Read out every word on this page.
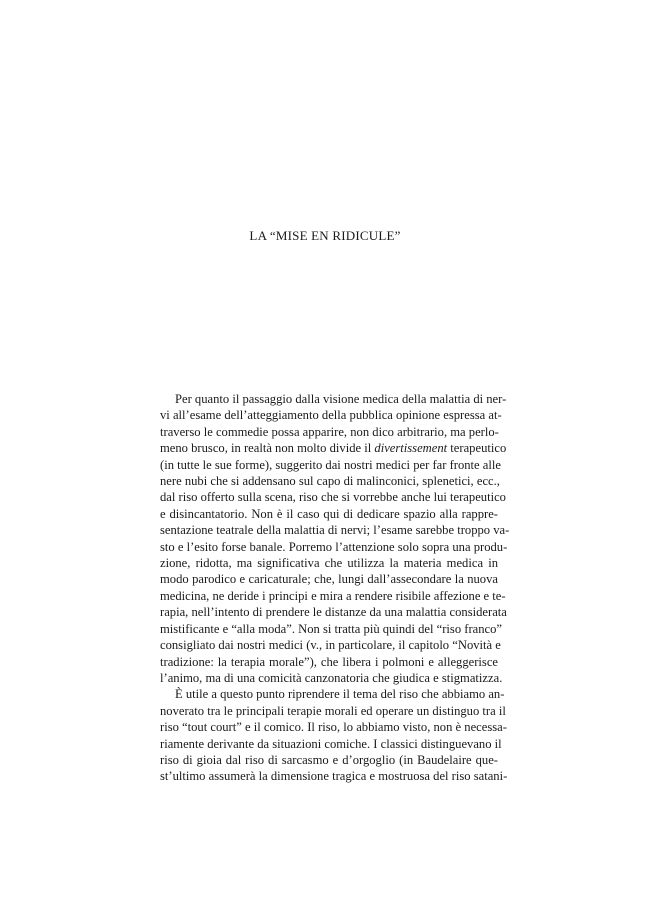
LA “MISE EN RIDICULE”
Per quanto il passaggio dalla visione medica della malattia di ner-
vi all’esame dell’atteggiamento della pubblica opinione espressa at-
traverso le commedie possa apparire, non dico arbitrario, ma perlo-
meno brusco, in realtà non molto divide il divertissement terapeutico
(in tutte le sue forme), suggerito dai nostri medici per far fronte alle
nere nubi che si addensano sul capo di malinconici, splenetici, ecc.,
dal riso offerto sulla scena, riso che si vorrebbe anche lui terapeutico
e disincantatorio. Non è il caso qui di dedicare spazio alla rappre-
sentazione teatrale della malattia di nervi; l’esame sarebbe troppo va-
sto e l’esito forse banale. Porremo l’attenzione solo sopra una produ-
zione, ridotta, ma significativa che utilizza la materia medica in
modo parodico e caricaturale; che, lungi dall’assecondare la nuova
medicina, ne deride i principi e mira a rendere risibile affezione e te-
rapia, nell’intento di prendere le distanze da una malattia considerata
mistificante e “alla moda”. Non si tratta più quindi del “riso franco”
consigliato dai nostri medici (v., in particolare, il capitolo “Novità e
tradizione: la terapia morale”), che libera i polmoni e alleggerisce
l’animo, ma di una comicità canzonatoria che giudica e stigmatizza.
È utile a questo punto riprendere il tema del riso che abbiamo an-
noverato tra le principali terapie morali ed operare un distinguo tra il
riso “tout court” e il comico. Il riso, lo abbiamo visto, non è necessa-
riamente derivante da situazioni comiche. I classici distinguevano il
riso di gioia dal riso di sarcasmo e d’orgoglio (in Baudelaire que-
st’ultimo assumerà la dimensione tragica e mostruosa del riso satani-
